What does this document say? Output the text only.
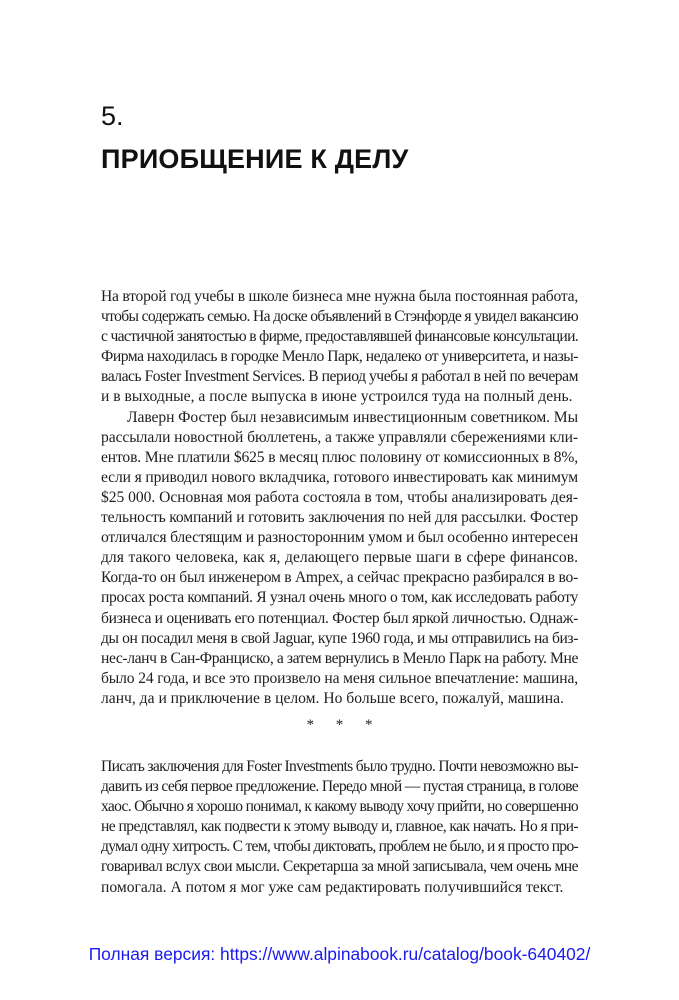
5.
ПРИОБЩЕНИЕ К ДЕЛУ

На второй год учебы в школе бизнеса мне нужна была постоянная работа,
чтобы содержать семью. На доске объявлений в Стэнфорде я увидел вакансию
с частичной занятостью в фирме, предоставлявшей финансовые консультации.
Фирма находилась в городке Менло Парк, недалеко от университета, и назы-
валась Foster Investment Services. В период учебы я работал в ней по вечерам
и в выходные, а после выпуска в июне устроился туда на полный день.

Лаверн Фостер был независимым инвестиционным советником. Мы
рассылали новостной бюллетень, а также управляли сбережениями кли-
ентов. Мне платили $625 в месяц плюс половину от комиссионных в 8%,
если я приводил нового вкладчика, готового инвестировать как минимум
$25 000. Основная моя работа состояла в том, чтобы анализировать дея-
тельность компаний и готовить заключения по ней для рассылки. Фостер
отличался блестящим и разносторонним умом и был особенно интересен
для такого человека, как я, делающего первые шаги в сфере финансов.
Когда-то он был инженером в Ampex, а сейчас прекрасно разбирался в во-
просах роста компаний. Я узнал очень много о том, как исследовать работу
бизнеса и оценивать его потенциал. Фостер был яркой личностью. Однаж-
ды он посадил меня в свой Jaguar, купе 1960 года, и мы отправились на биз-
нес-ланч в Сан-Франциско, а затем вернулись в Менло Парк на работу. Мне
было 24 года, и все это произвело на меня сильное впечатление: машина,
ланч, да и приключение в целом. Но больше всего, пожалуй, машина.

* * *

Писать заключения для Foster Investments было трудно. Почти невозможно вы-
давить из себя первое предложение. Передо мной — пустая страница, в голове
хаос. Обычно я хорошо понимал, к какому выводу хочу прийти, но совершенно
не представлял, как подвести к этому выводу и, главное, как начать. Но я при-
думал одну хитрость. С тем, чтобы диктовать, проблем не было, и я просто про-
говаривал вслух свои мысли. Секретарша за мной записывала, чем очень мне
помогала. А потом я мог уже сам редактировать получившийся текст.

Полная версия: https://www.alpinabook.ru/catalog/book-640402/
